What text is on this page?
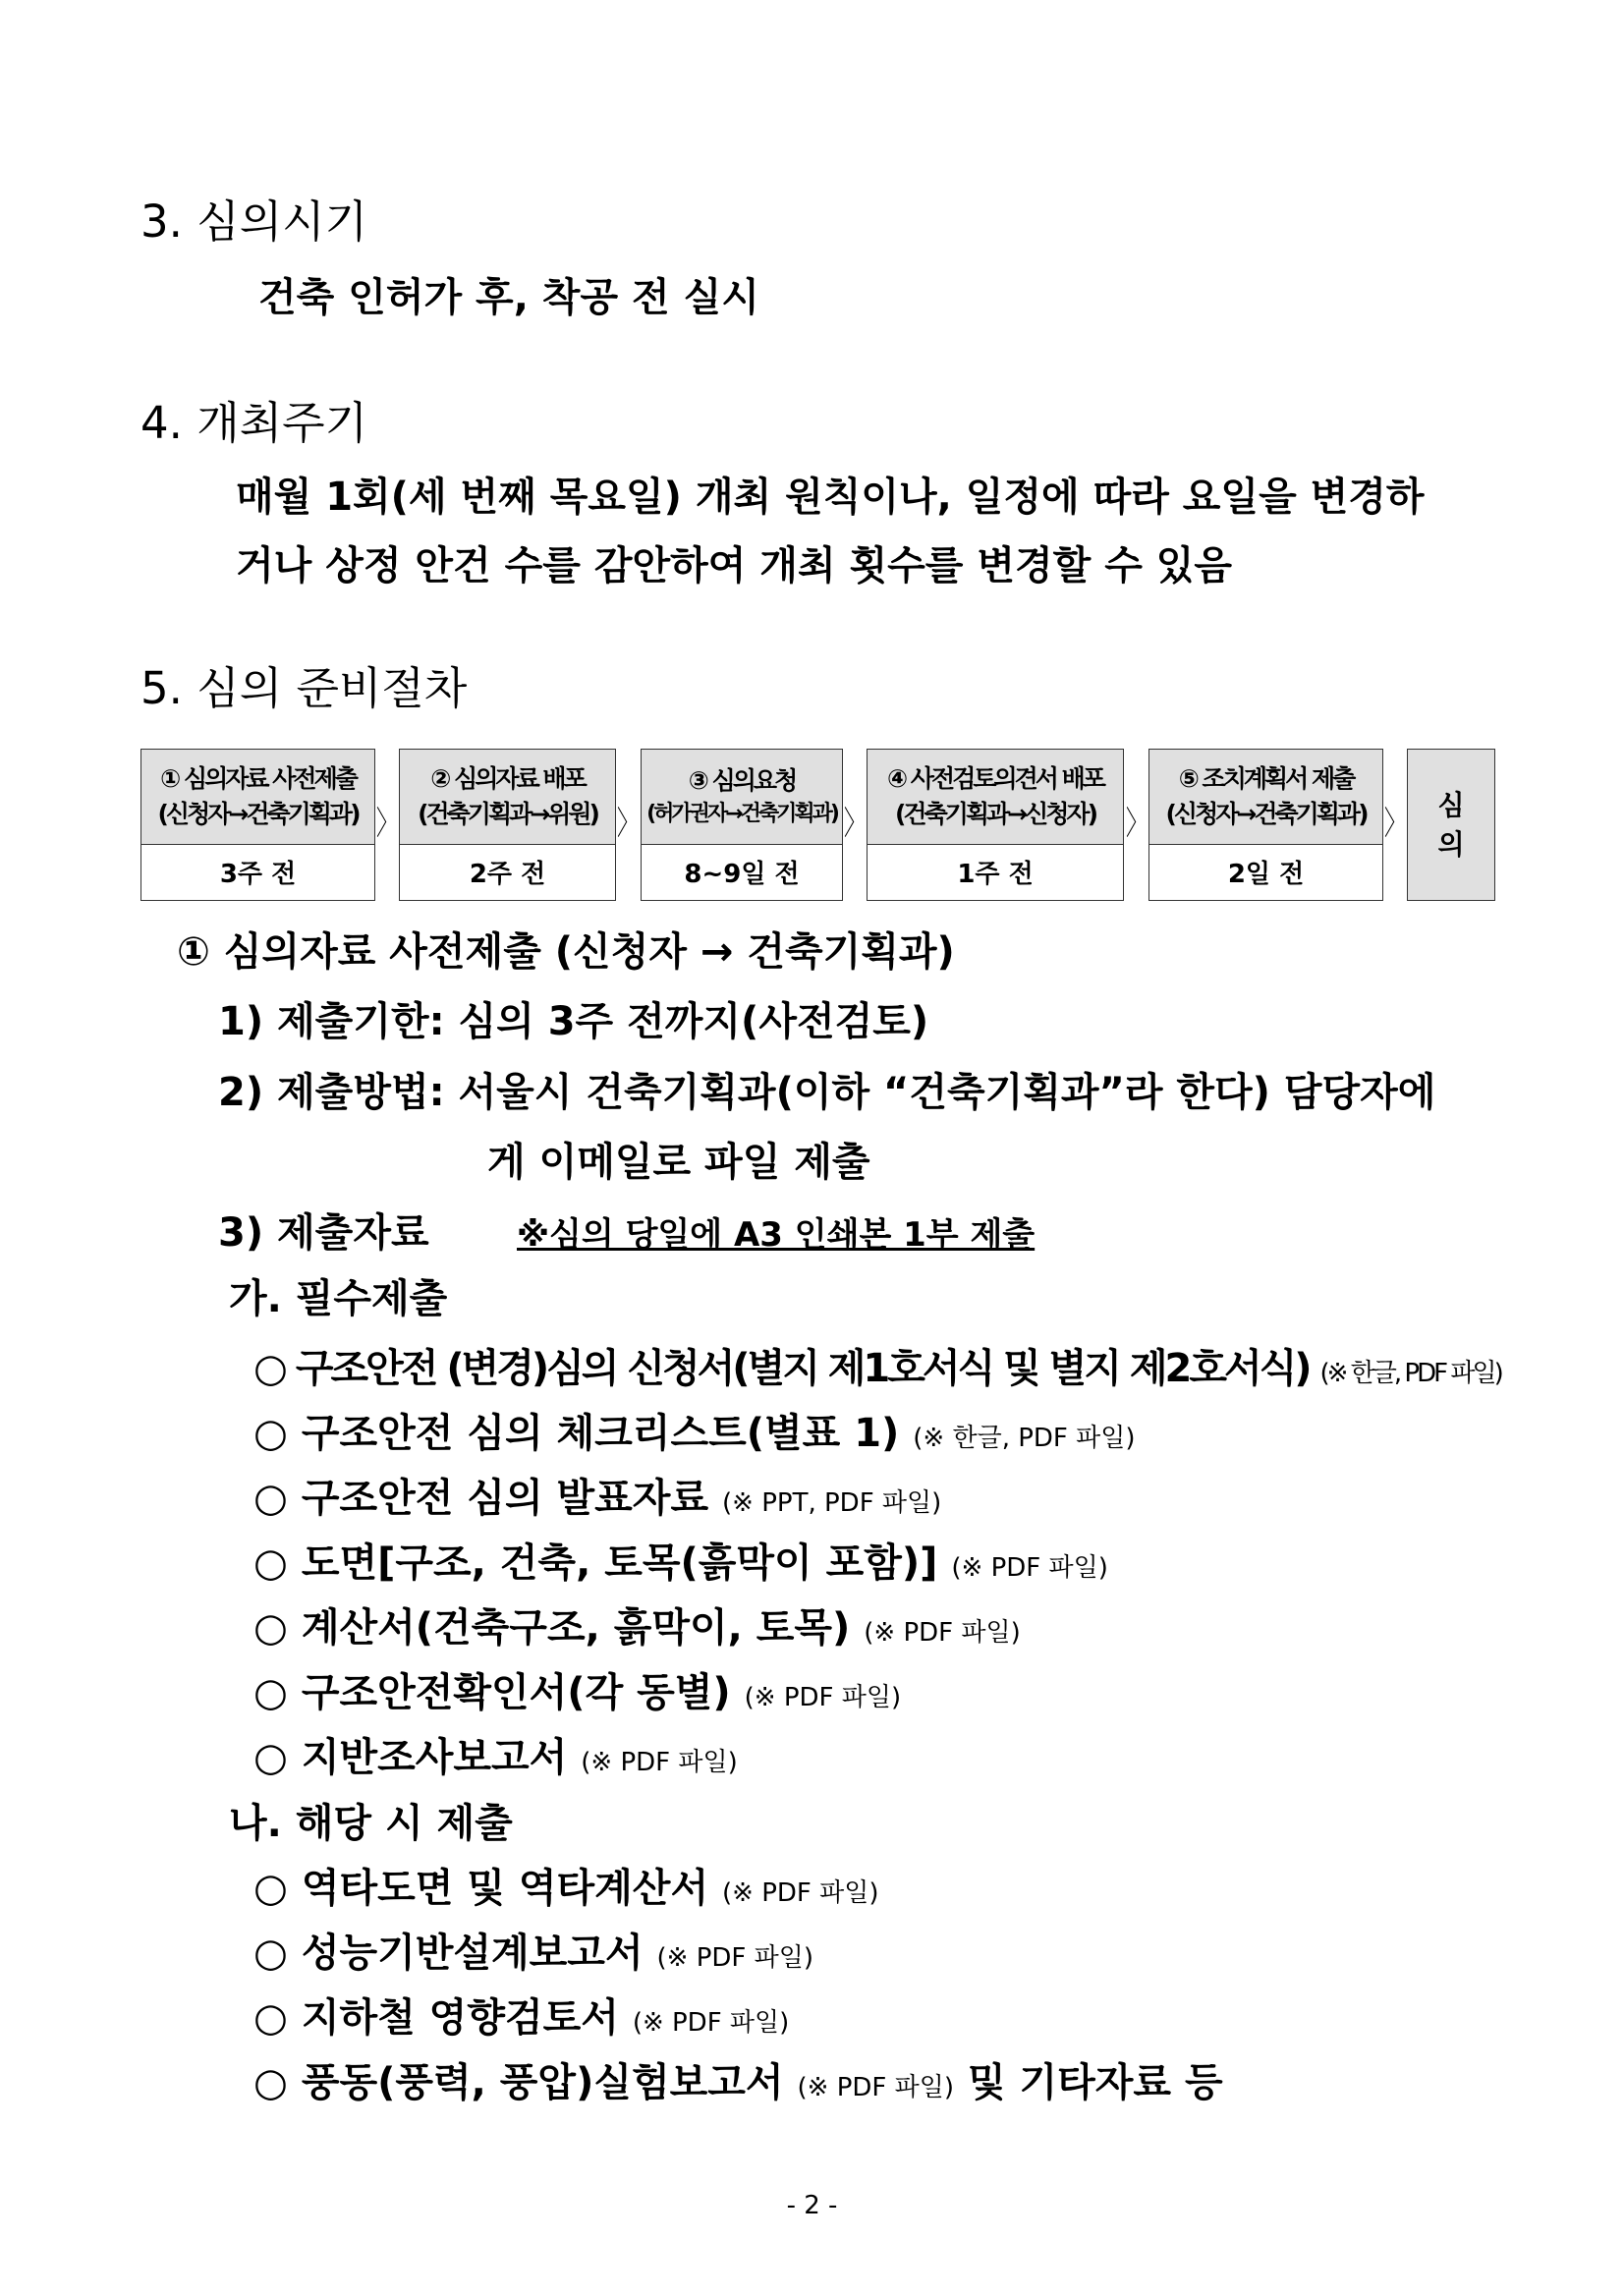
3. 심의시기
건축 인허가 후, 착공 전 실시
4. 개최주기
매월 1회(세 번째 목요일) 개최 원칙이나, 일정에 따라 요일을 변경하
거나 상정 안건 수를 감안하여 개최 횟수를 변경할 수 있음
5. 심의 준비절차
① 심의자료 사전제출
(신청자→건축기획과)
3주 전
〉
② 심의자료 배포
(건축기획과→위원)
2주 전
〉
③ 심의요청
(허가권자→건축기획과)
8~9일 전
〉
④ 사전검토의견서 배포
(건축기획과→신청자)
1주 전
〉
⑤ 조치계획서 제출
(신청자→건축기획과)
2일 전
〉
심
의
① 심의자료 사전제출 (신청자 → 건축기획과)
1) 제출기한: 심의 3주 전까지(사전검토)
2) 제출방법: 서울시 건축기획과(이하 “건축기획과”라 한다) 담당자에
게 이메일로 파일 제출
3) 제출자료	※심의 당일에 A3 인쇄본 1부 제출
가. 필수제출
○ 구조안전 (변경)심의 신청서(별지 제1호서식 및 별지 제2호서식) (※ 한글, PDF 파일)
○ 구조안전 심의 체크리스트(별표 1) (※ 한글, PDF 파일)
○ 구조안전 심의 발표자료 (※ PPT, PDF 파일)
○ 도면[구조, 건축, 토목(흙막이 포함)] (※ PDF 파일)
○ 계산서(건축구조, 흙막이, 토목) (※ PDF 파일)
○ 구조안전확인서(각 동별) (※ PDF 파일)
○ 지반조사보고서 (※ PDF 파일)
나. 해당 시 제출
○ 역타도면 및 역타계산서 (※ PDF 파일)
○ 성능기반설계보고서 (※ PDF 파일)
○ 지하철 영향검토서 (※ PDF 파일)
○ 풍동(풍력, 풍압)실험보고서 (※ PDF 파일) 및 기타자료 등
- 2 -
